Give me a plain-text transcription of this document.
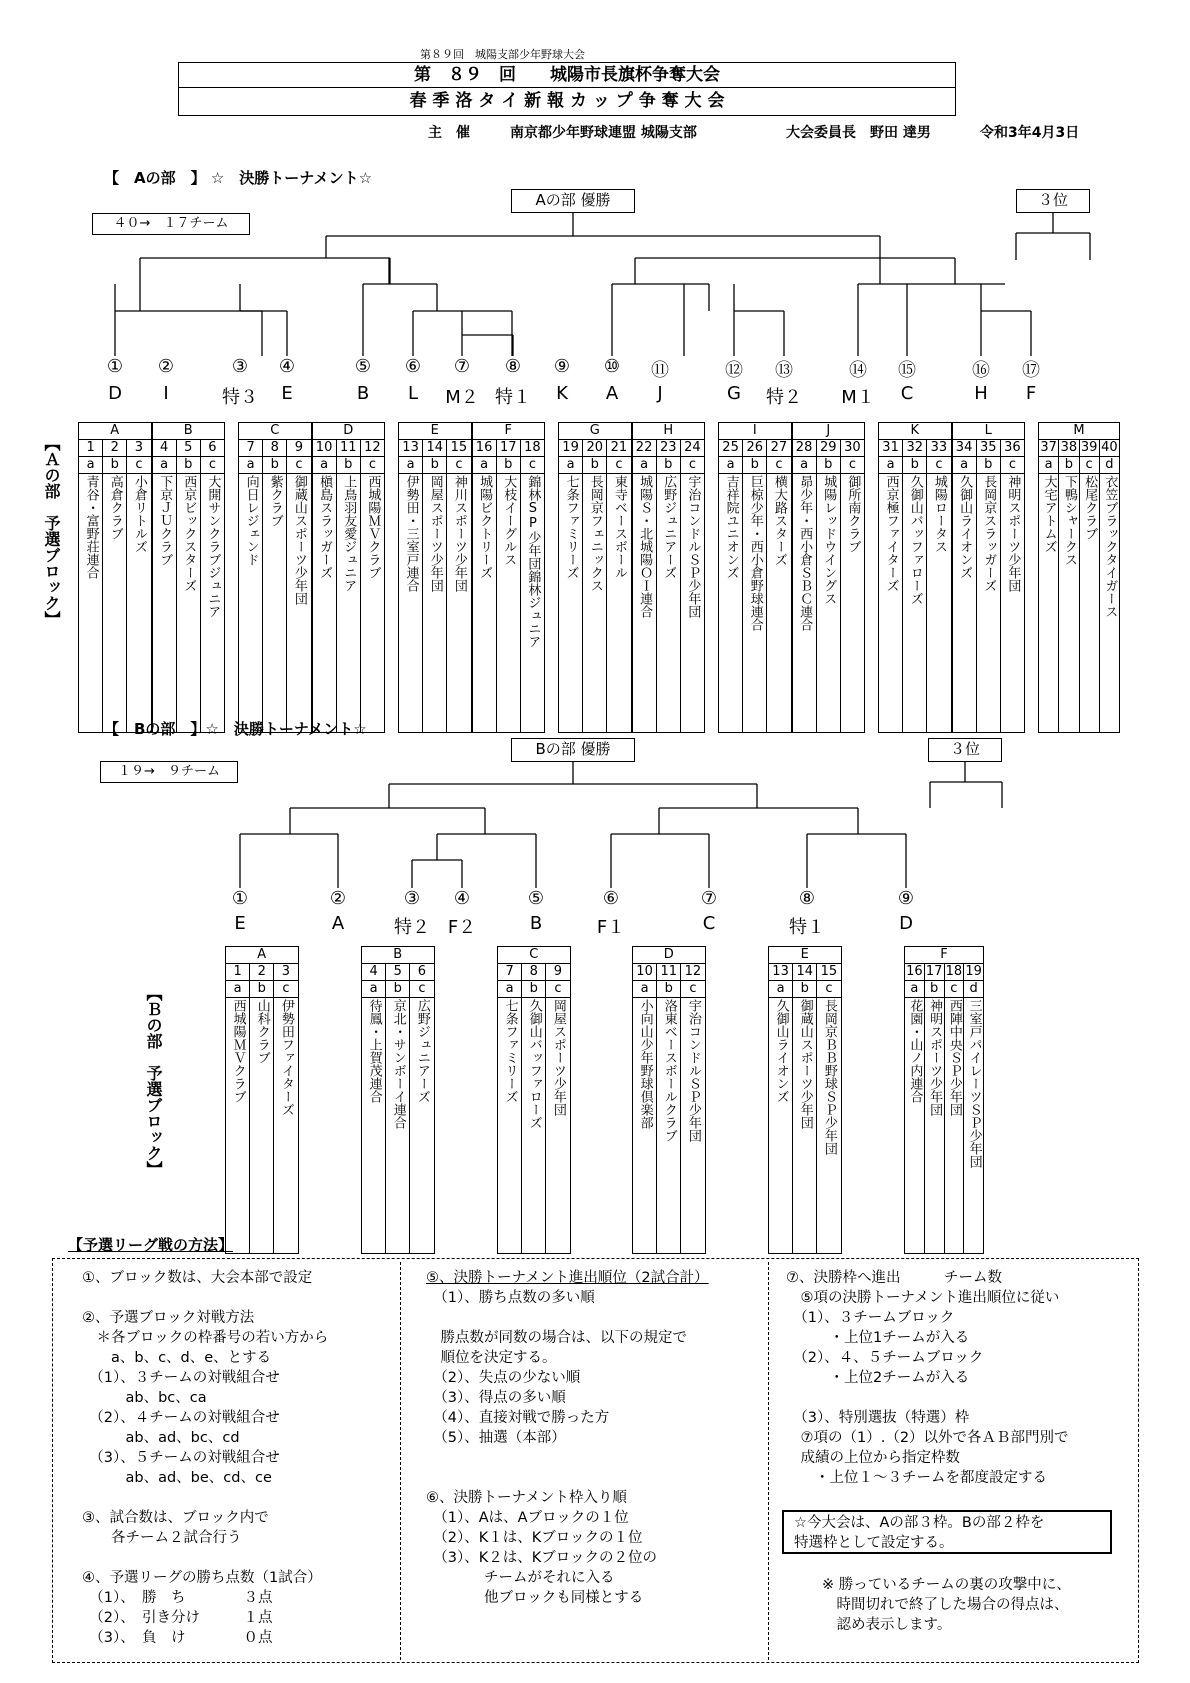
第８９回　城陽支部少年野球大会
第　８９　回　　城陽市長旗杯争奪大会
春 季 洛 タ イ 新 報 カ ッ プ 争 奪 大 会
主　催	南京都少年野球連盟 城陽支部	大会委員長　野田 達男	令和3年4月3日
【　Aの部　】 ☆　決勝トーナメント☆
４０→　１７チーム
Aの部 優勝	３位
①	②	③	④	⑤	⑥	⑦	⑧	⑨	⑩	⑪	⑫	⑬	⑭	⑮	⑯	⑰
D	I	特３	E	B	L	M２ 特１	K	A	J	G	特２	M１	C	H	F
【Ａの部　予選ブロック】
A		
1	2	3
a	b	c

青谷・富野荘連合	高倉クラブ	小倉リトルズ
B		
4	5	6
a	b	c

下京ＪＵクラブ	西京ビックスターズ	大開サンクラブジュニア
C		
7	8	9
a	b	c

向日レジェンド	紫クラブ	御蔵山スポーツ少年団
D		
10	11	12
a	b	c

槇島スラッガーズ	上鳥羽友愛ジュニア	西城陽ＭＶクラブ
E		
13	14	15
a	b	c

伊勢田・三室戸連合	岡屋スポーツ少年団	神川スポーツ少年団
F		
16	17	18
a	b	c

城陽ビクトリーズ	大枝イーグルス	錦林SP少年団錦林ジュニア
G		
19	20	21
a	b	c

七条ファミリーズ	長岡京フェニックス	東寺ベースボール
H		
22	23	24
a	b	c

城陽Ｓ・北城陽ＯＩ連合	広野ジュニアーズ	宇治コンドルＳＰ少年団
I		
25	26	27
a	b	c

吉祥院ユニオンズ	巨椋少年・西小倉野球連合	横大路スターズ
J		
28	29	30
a	b	c

昴少年・西小倉ＳＢＣ連合	城陽レッドウイングス	御所南クラブ
K		
31	32	33
a	b	c

西京極ファイターズ	久御山バッファローズ	城陽ロータス
L		
34	35	36
a	b	c

久御山ライオンズ	長岡京スラッガーズ	神明スポーツ少年団
M			
37	38	39	40
a	b	c	d

大宅アトムズ	下鴨シャークス	松尾クラブ	衣笠ブラックタイガース
【　Bの部　】☆　決勝トーナメント☆
１９→　９チーム
Bの部 優勝	３位
①	②	③	④	⑤	⑥	⑦	⑧	⑨
E	A	特２ F２	B	F１	C	特１	D
【Ｂの部　予選ブロック】
A		
1	2	3
a	b	c

西城陽ＭＶクラブ	山科クラブ	伊勢田ファイターズ
B		
4	5	6
a	b	c

待鳳・上賀茂連合	京北・サンボーイ連合	広野ジュニアーズ
C		
7	8	9
a	b	c

七条ファミリーズ	久御山バッファローズ	岡屋スポーツ少年団
D		
10	11	12
a	b	c

小向山少年野球倶楽部	洛東ベースボールクラブ	宇治コンドルＳＰ少年団
E		
13	14	15
a	b	c

久御山ライオンズ	御蔵山スポーツ少年団	長岡京ＢＢ野球ＳＰ少年団
F			
16	17	18	19
a	b	c	d

花園・山ノ内連合	神明スポーツ少年団	西陣中央ＳＰ少年団	三室戸パイレーツＳＰ少年団
【予選リーグ戦の方法】
①、ブロック数は、大会本部で設定
②、予選ブロック対戦方法
　＊各ブロックの枠番号の若い方から
　　a、b、c、d、e、とする
　（1）、３チームの対戦組合せ
　　　ab、bc、ca
　（2）、４チームの対戦組合せ
　　　ab、ad、bc、cd
　（3）、５チームの対戦組合せ
　　　ab、ad、be、cd、ce
③、試合数は、ブロック内で
　　各チーム２試合行う
④、予選リーグの勝ち点数（1試合）
　（1）、　勝　ち　　　　３点
　（2）、　引き分け　　　１点
　（3）、　負　け　　　　０点
⑤、決勝トーナメント進出順位（2試合計）
　（1）、勝ち点数の多い順
　勝点数が同数の場合は、以下の規定で
　順位を決定する。
　（2）、失点の少ない順
　（3）、得点の多い順
　（4）、直接対戦で勝った方
　（5）、抽選（本部）
⑥、決勝トーナメント枠入り順
　（1）、Aは、Aブロックの１位
　（2）、K１は、Kブロックの１位
　（3）、K２は、Kブロックの２位の
　　　　チームがそれに入る
　　　　他ブロックも同様とする
⑦、決勝枠へ進出　　　チーム数
　⑤項の決勝トーナメント進出順位に従い
　（1）、３チームブロック
　　　・上位1チームが入る
　（2）、４、５チームブロック
　　　・上位2チームが入る
　（3）、特別選抜（特選）枠
　⑦項の（1）.（2）以外で各ＡＢ部門別で
　成績の上位から指定枠数
　　・上位１～３チームを都度設定する
☆今大会は、Aの部３枠。Bの部２枠を　　　特選枠として設定する。
※ 勝っているチームの裏の攻撃中に、
　時間切れで終了した場合の得点は、
　認め表示します。
